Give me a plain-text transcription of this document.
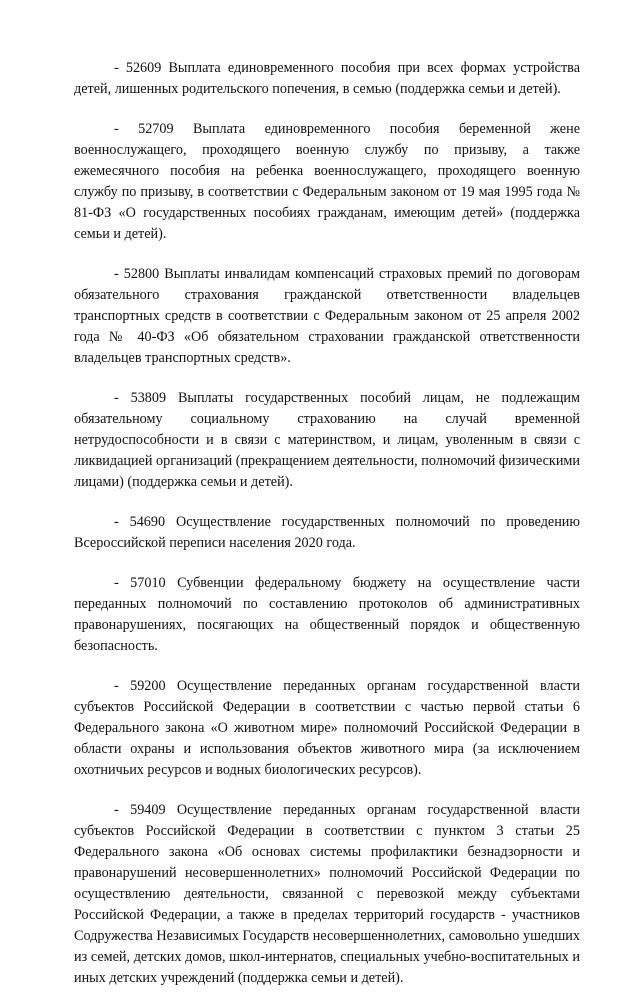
- 52609 Выплата единовременного пособия при всех формах устройства детей, лишенных родительского попечения, в семью (поддержка семьи и детей).

- 52709 Выплата единовременного пособия беременной жене военнослужащего, проходящего военную службу по призыву, а также ежемесячного пособия на ребенка военнослужащего, проходящего военную службу по призыву, в соответствии с Федеральным законом от 19 мая 1995 года № 81-ФЗ «О государственных пособиях гражданам, имеющим детей» (поддержка семьи и детей).

- 52800 Выплаты инвалидам компенсаций страховых премий по договорам обязательного страхования гражданской ответственности владельцев транспортных средств в соответствии с Федеральным законом от 25 апреля 2002 года № 40-ФЗ «Об обязательном страховании гражданской ответственности владельцев транспортных средств».

- 53809 Выплаты государственных пособий лицам, не подлежащим обязательному социальному страхованию на случай временной нетрудоспособности и в связи с материнством, и лицам, уволенным в связи с ликвидацией организаций (прекращением деятельности, полномочий физическими лицами) (поддержка семьи и детей).

- 54690 Осуществление государственных полномочий по проведению Всероссийской переписи населения 2020 года.

- 57010 Субвенции федеральному бюджету на осуществление части переданных полномочий по составлению протоколов об административных правонарушениях, посягающих на общественный порядок и общественную безопасность.

- 59200 Осуществление переданных органам государственной власти субъектов Российской Федерации в соответствии с частью первой статьи 6 Федерального закона «О животном мире» полномочий Российской Федерации в области охраны и использования объектов животного мира (за исключением охотничьих ресурсов и водных биологических ресурсов).

- 59409 Осуществление переданных органам государственной власти субъектов Российской Федерации в соответствии с пунктом 3 статьи 25 Федерального закона «Об основах системы профилактики безнадзорности и правонарушений несовершеннолетних» полномочий Российской Федерации по осуществлению деятельности, связанной с перевозкой между субъектами Российской Федерации, а также в пределах территорий государств - участников Содружества Независимых Государств несовершеннолетних, самовольно ушедших из семей, детских домов, школ-интернатов, специальных учебно-воспитательных и иных детских учреждений (поддержка семьи и детей).
